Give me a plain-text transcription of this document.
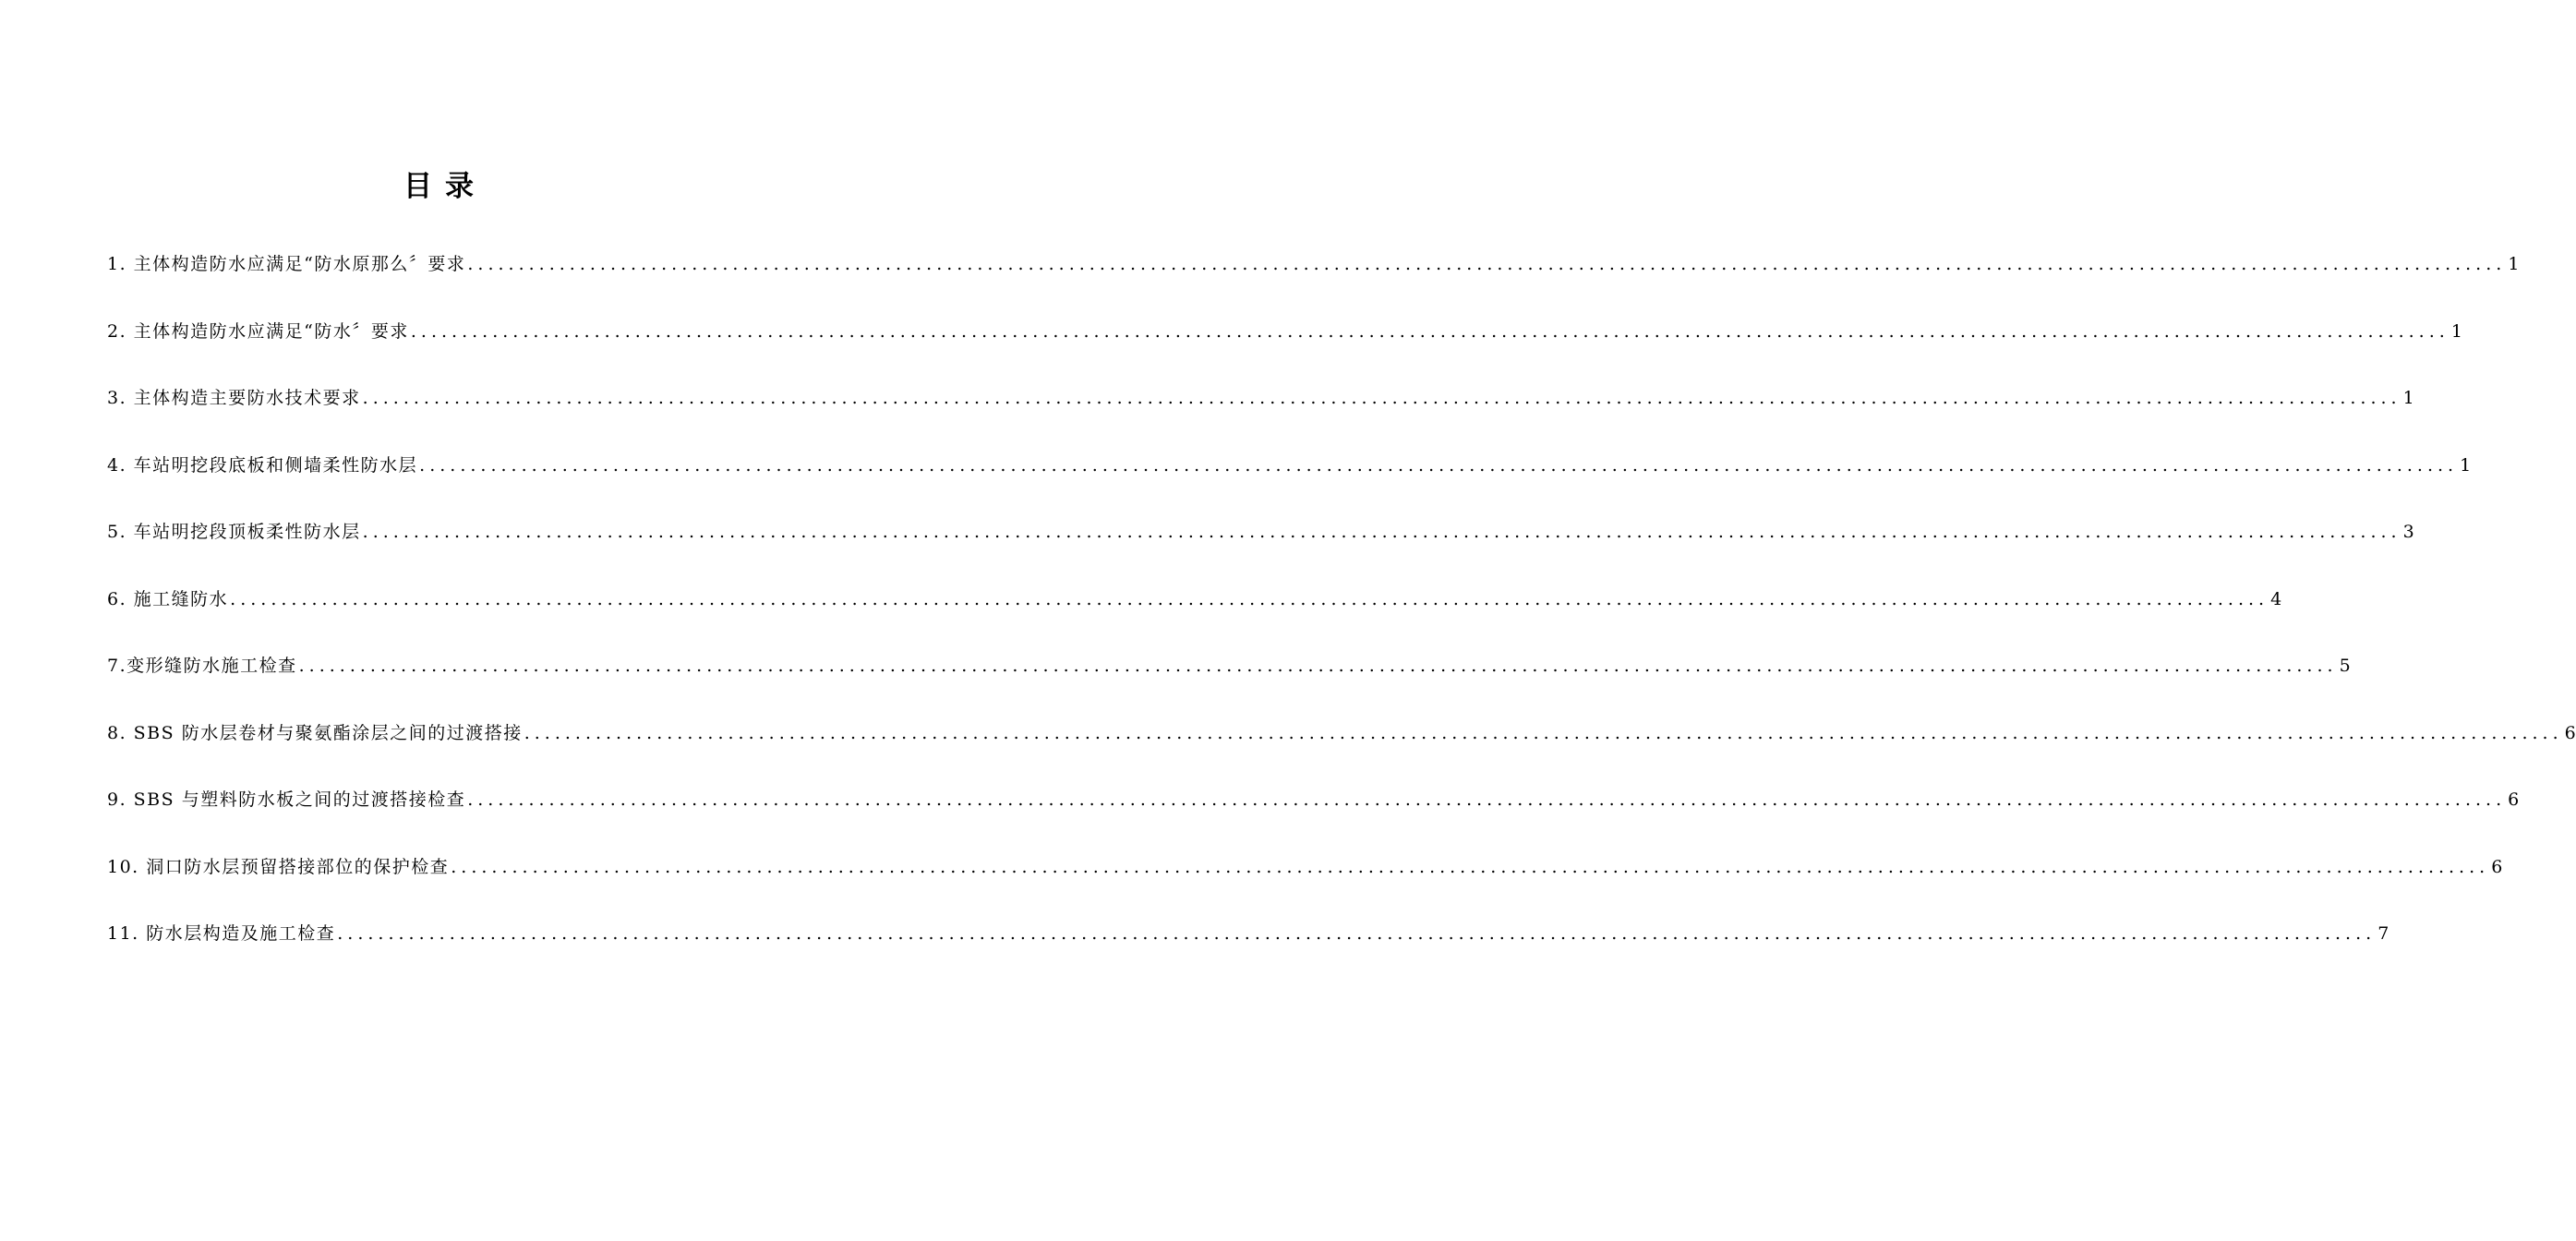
目录
1. 主体构造防水应满足“防水原那么〞要求 ........................................................................................................................................................................................................ 1
2. 主体构造防水应满足“防水〞要求 ........................................................................................................................................................................................................ 1
3. 主体构造主要防水技术要求 ........................................................................................................................................................................................................ 1
4. 车站明挖段底板和侧墙柔性防水层 ........................................................................................................................................................................................................ 1
5. 车站明挖段顶板柔性防水层 ........................................................................................................................................................................................................ 3
6. 施工缝防水 ........................................................................................................................................................................................................ 4
7.变形缝防水施工检查 ........................................................................................................................................................................................................ 5
8. SBS 防水层卷材与聚氨酯涂层之间的过渡搭接 ........................................................................................................................................................................................................ 6
9. SBS 与塑料防水板之间的过渡搭接检查 ........................................................................................................................................................................................................ 6
10. 洞口防水层预留搭接部位的保护检查 ........................................................................................................................................................................................................ 6
11. 防水层构造及施工检查 ........................................................................................................................................................................................................ 7
